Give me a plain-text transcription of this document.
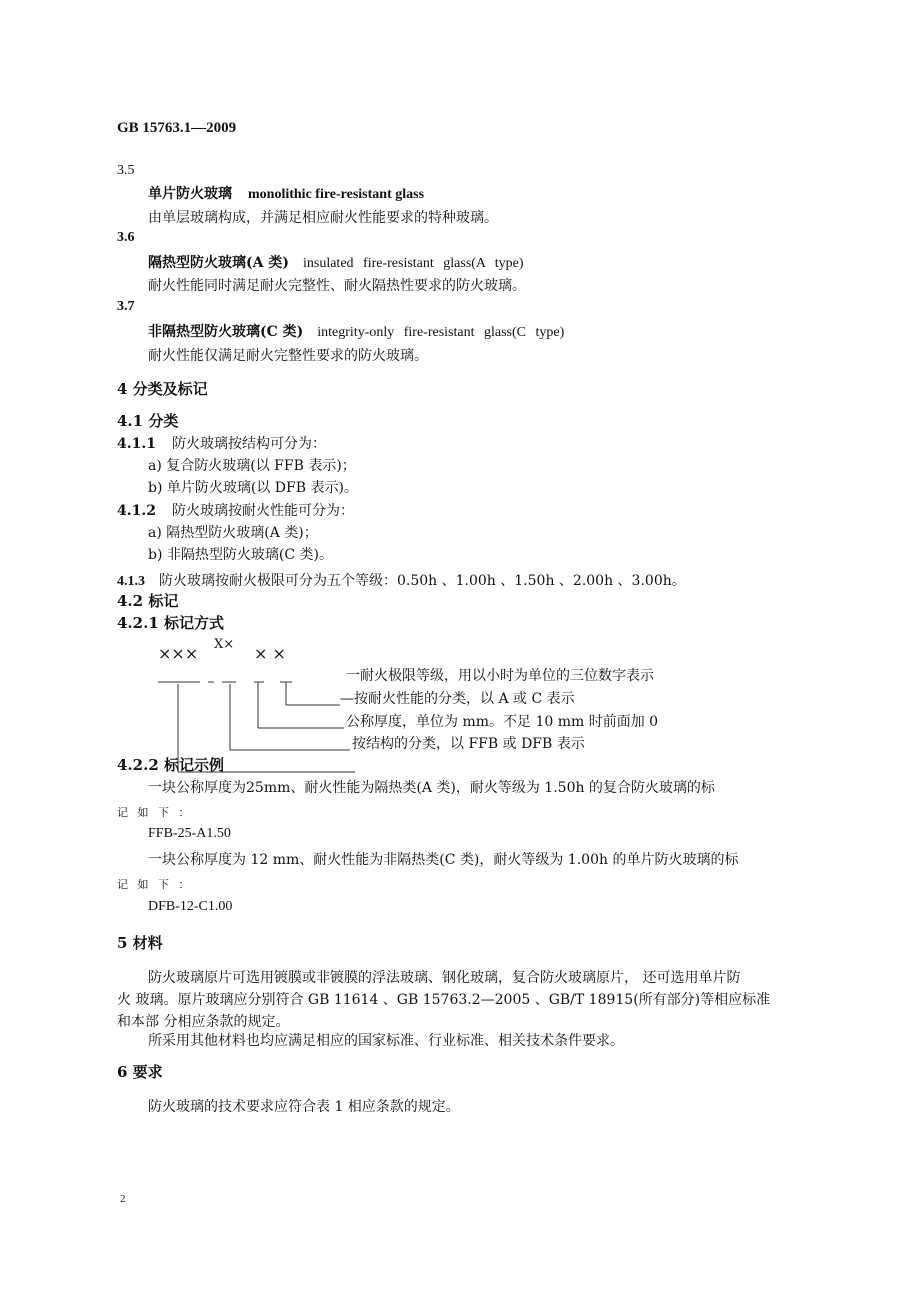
GB 15763.1—2009
3.5
单片防火玻璃 monolithic fire-resistant glass
由单层玻璃构成，并满足相应耐火性能要求的特种玻璃。
3.6
隔热型防火玻璃(A 类) insulated fire-resistant glass(A type)
耐火性能同时满足耐火完整性、耐火隔热性要求的防火玻璃。
3.7
非隔热型防火玻璃(C 类) integrity-only fire-resistant glass(C type)
耐火性能仅满足耐火完整性要求的防火玻璃。
4 分类及标记
4.1 分类
4.1.1 防火玻璃按结构可分为：
a) 复合防火玻璃(以 FFB 表示)；
b) 单片防火玻璃(以 DFB 表示)。
4.1.2 防火玻璃按耐火性能可分为：
a) 隔热型防火玻璃(A 类)；
b) 非隔热型防火玻璃(C 类)。
4.1.3 防火玻璃按耐火极限可分为五个等级：0.50h 、1.00h 、1.50h 、2.00h 、3.00h。
4.2 标记
4.2.1 标记方式
××× X× × ×
一耐火极限等级，用以小时为单位的三位数字表示
—按耐火性能的分类，以 A 或 C 表示
公称厚度，单位为 mm。不足 10 mm 时前面加 0
按结构的分类，以 FFB 或 DFB 表示
4.2.2 标记示例
一块公称厚度为25mm、耐火性能为隔热类(A 类)，耐火等级为 1.50h 的复合防火玻璃的标
记 如 下 ：
FFB-25-A1.50
一块公称厚度为 12 mm、耐火性能为非隔热类(C 类)，耐火等级为 1.00h 的单片防火玻璃的标
记 如 下 ：
DFB-12-C1.00
5 材料
防火玻璃原片可选用镀膜或非镀膜的浮法玻璃、钢化玻璃，复合防火玻璃原片， 还可选用单片防
火 玻璃。原片玻璃应分别符合 GB 11614 、GB 15763.2—2005 、GB/T 18915(所有部分)等相应标准
和本部 分相应条款的规定。
所采用其他材料也均应满足相应的国家标准、行业标准、相关技术条件要求。
6 要求
防火玻璃的技术要求应符合表 1 相应条款的规定。
2
